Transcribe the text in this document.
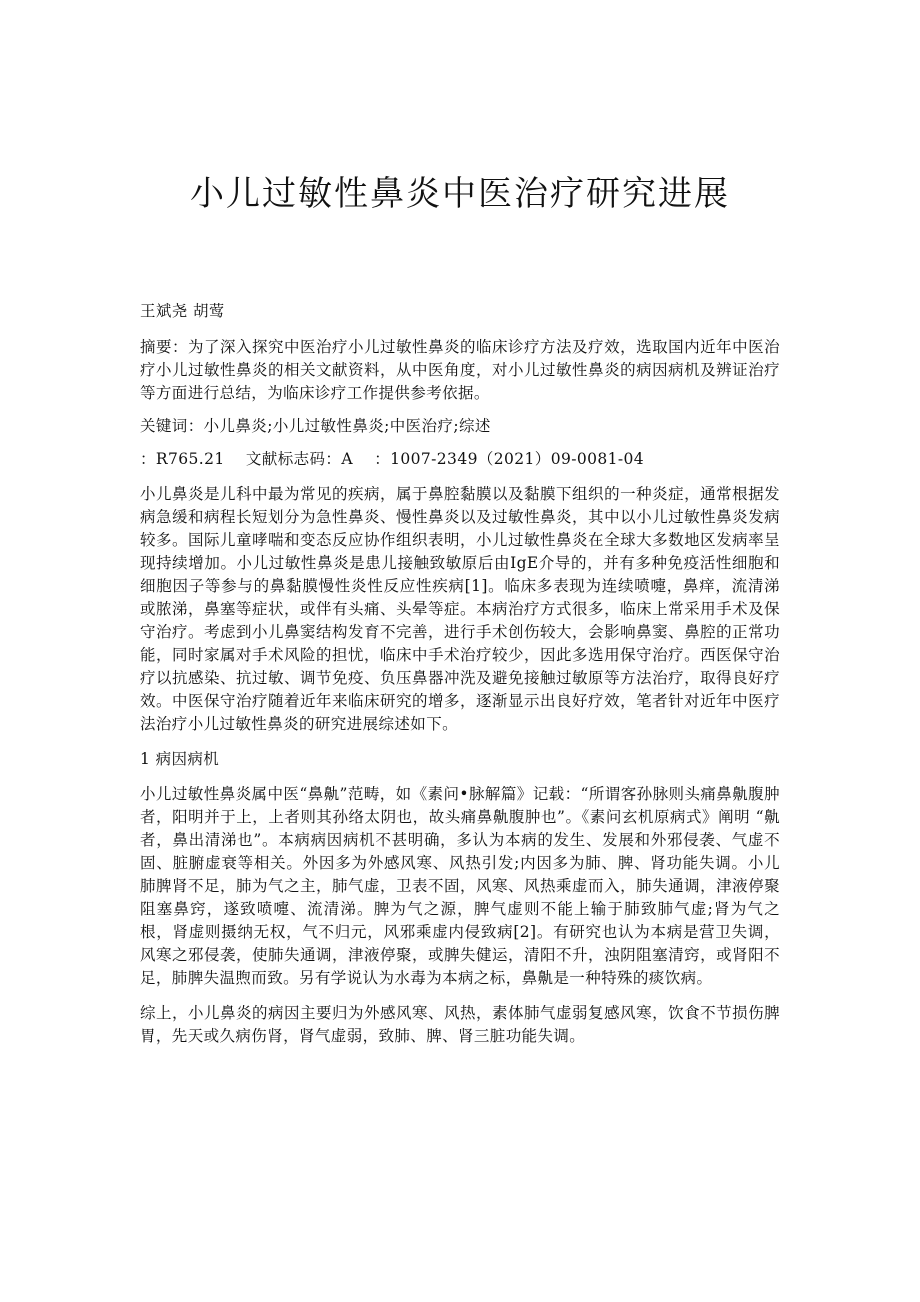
小儿过敏性鼻炎中医治疗研究进展

王斌尧 胡莺

摘要：为了深入探究中医治疗小儿过敏性鼻炎的临床诊疗方法及疗效，选取国内近年中医治疗小儿过敏性鼻炎的相关文献资料，从中医角度，对小儿过敏性鼻炎的病因病机及辨证治疗等方面进行总结，为临床诊疗工作提供参考依据。

关键词：小儿鼻炎;小儿过敏性鼻炎;中医治疗;综述

：R765.21    文献标志码：A    ：1007-2349（2021）09-0081-04

小儿鼻炎是儿科中最为常见的疾病，属于鼻腔黏膜以及黏膜下组织的一种炎症，通常根据发病急缓和病程长短划分为急性鼻炎、慢性鼻炎以及过敏性鼻炎，其中以小儿过敏性鼻炎发病较多。国际儿童哮喘和变态反应协作组织表明，小儿过敏性鼻炎在全球大多数地区发病率呈现持续增加。小儿过敏性鼻炎是患儿接触致敏原后由IgE介导的，并有多种免疫活性细胞和细胞因子等参与的鼻黏膜慢性炎性反应性疾病[1]。临床多表现为连续喷嚏，鼻痒，流清涕或脓涕，鼻塞等症状，或伴有头痛、头晕等症。本病治疗方式很多，临床上常采用手术及保守治疗。考虑到小儿鼻窦结构发育不完善，进行手术创伤较大，会影响鼻窦、鼻腔的正常功能，同时家属对手术风险的担忧，临床中手术治疗较少，因此多选用保守治疗。西医保守治疗以抗感染、抗过敏、调节免疫、负压鼻器冲洗及避免接触过敏原等方法治疗，取得良好疗效。中医保守治疗随着近年来临床研究的增多，逐渐显示出良好疗效，笔者针对近年中医疗法治疗小儿过敏性鼻炎的研究进展综述如下。

1 病因病机

小儿过敏性鼻炎属中医“鼻鼽”范畴，如《素问•脉解篇》记载：“所谓客孙脉则头痛鼻鼽腹肿者，阳明并于上，上者则其孙络太阴也，故头痛鼻鼽腹肿也”。《素问玄机原病式》阐明 “鼽者，鼻出清涕也”。本病病因病机不甚明确，多认为本病的发生、发展和外邪侵袭、气虚不固、脏腑虚衰等相关。外因多为外感风寒、风热引发;内因多为肺、脾、肾功能失调。小儿肺脾肾不足，肺为气之主，肺气虚，卫表不固，风寒、风热乘虚而入，肺失通调，津液停聚阻塞鼻窍，遂致喷嚏、流清涕。脾为气之源，脾气虚则不能上输于肺致肺气虚;肾为气之根，肾虚则摄纳无权，气不归元，风邪乘虚内侵致病[2]。有研究也认为本病是营卫失调，风寒之邪侵袭，使肺失通调，津液停聚，或脾失健运，清阳不升，浊阴阻塞清窍，或肾阳不足，肺脾失温煦而致。另有学说认为水毒为本病之标，鼻鼽是一种特殊的痰饮病。

综上，小儿鼻炎的病因主要归为外感风寒、风热，素体肺气虚弱复感风寒，饮食不节损伤脾胃，先天或久病伤肾，肾气虚弱，致肺、脾、肾三脏功能失调。
